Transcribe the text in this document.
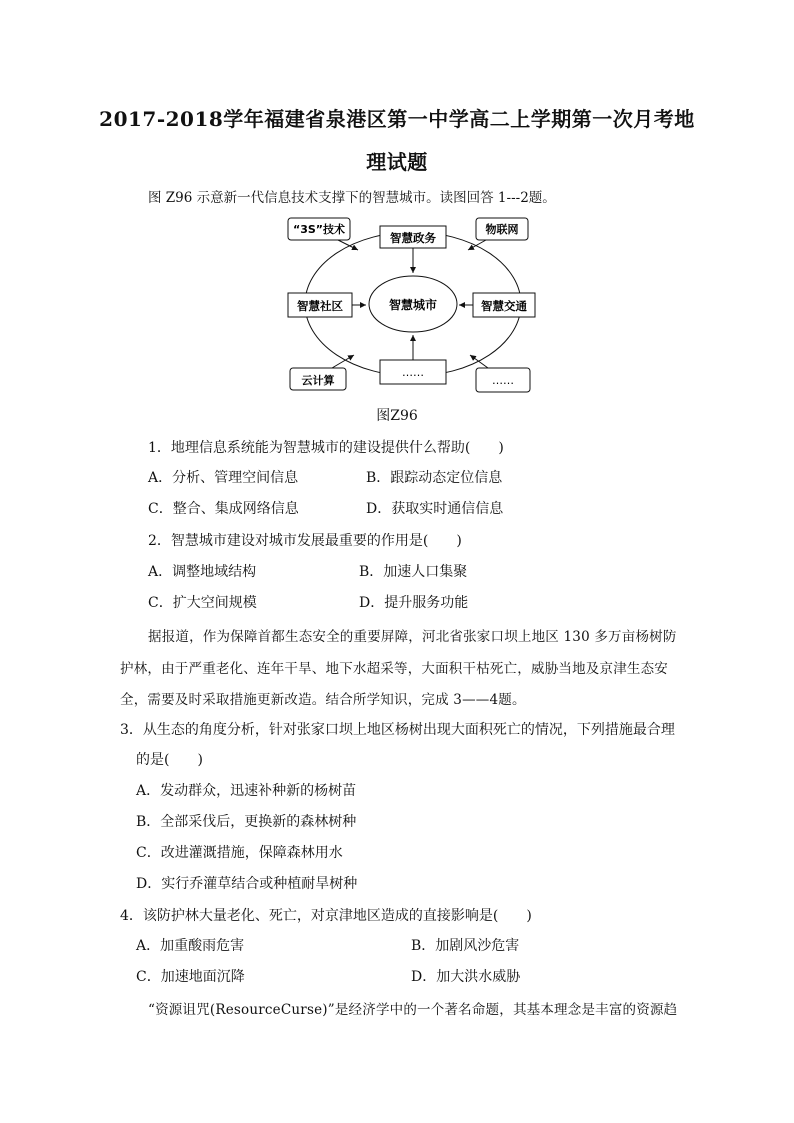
2017-2018学年福建省泉港区第一中学高二上学期第一次月考地
理试题
图 Z96 示意新一代信息技术支撑下的智慧城市。读图回答 1---2题。
智慧城市
智慧政务
智慧社区	智慧交通
……
“3S”技术	物联网
云计算	……
图Z96
1．地理信息系统能为智慧城市的建设提供什么帮助(　　)
A．分析、管理空间信息	B．跟踪动态定位信息
C．整合、集成网络信息	D．获取实时通信信息
2．智慧城市建设对城市发展最重要的作用是(　　)
A．调整地域结构	B．加速人口集聚
C．扩大空间规模	D．提升服务功能
据报道，作为保障首都生态安全的重要屏障，河北省张家口坝上地区 130 多万亩杨树防
护林，由于严重老化、连年干旱、地下水超采等，大面积干枯死亡，威胁当地及京津生态安
全，需要及时采取措施更新改造。结合所学知识，完成 3——4题。
3．从生态的角度分析，针对张家口坝上地区杨树出现大面积死亡的情况，下列措施最合理
的是(　　)
A．发动群众，迅速补种新的杨树苗
B．全部采伐后，更换新的森林树种
C．改进灌溉措施，保障森林用水
D．实行乔灌草结合或种植耐旱树种
4．该防护林大量老化、死亡，对京津地区造成的直接影响是(　　)
A．加重酸雨危害	B．加剧风沙危害
C．加速地面沉降	D．加大洪水威胁
“资源诅咒(ResourceCurse)”是经济学中的一个著名命题，其基本理念是丰富的资源趋
